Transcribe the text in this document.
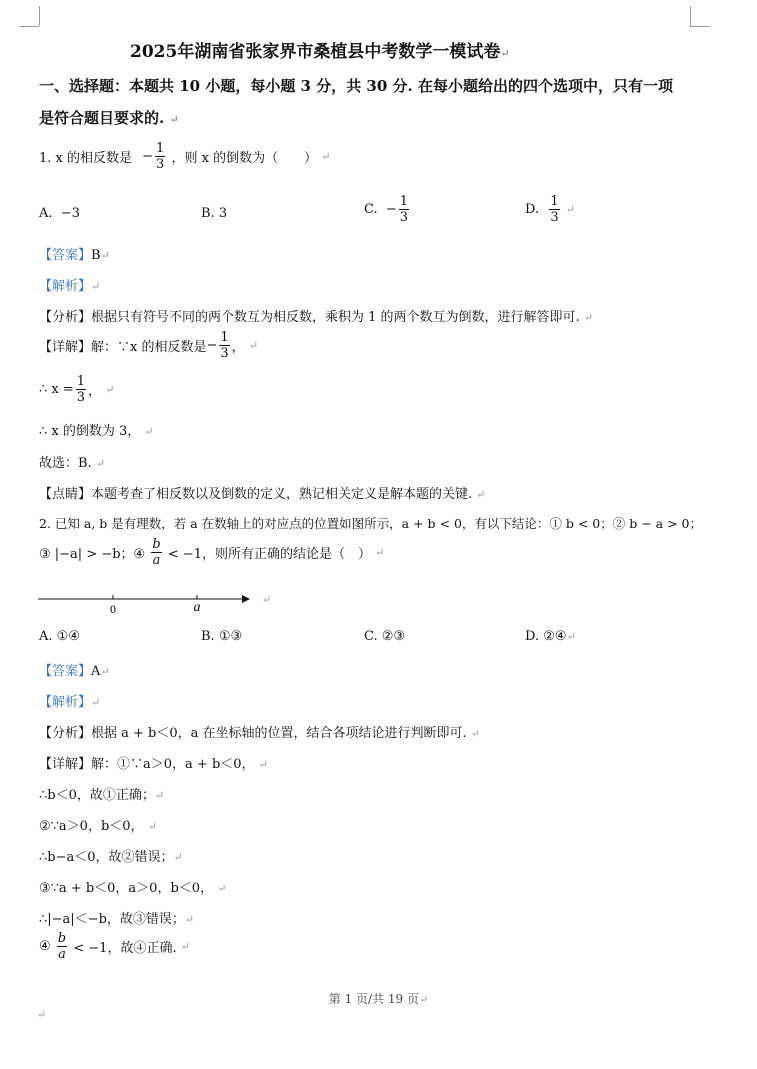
2025年湖南省张家界市桑植县中考数学一模试卷↵
一、选择题：本题共 10 小题，每小题 3 分，共 30 分. 在每小题给出的四个选项中，只有一项
是符合题目要求的. ↵
1. x 的相反数是 − $\frac{1}{3}$ ，则 x 的倒数为（　　） ↵
A. −3	B. 3	C. − $\frac{1}{3}$	D. $\frac{1}{3}$ ↵
【答案】B↵
【解析】↵
【分析】根据只有符号不同的两个数互为相反数，乘积为 1 的两个数互为倒数，进行解答即可. ↵
【详解】解：∵x 的相反数是− $\frac{1}{3}$ ， ↵
∴ $x = \frac{1}{3}$ ， ↵
∴ x 的倒数为 3， ↵
故选：B. ↵
【点睛】本题考查了相反数以及倒数的定义，熟记相关定义是解本题的关键. ↵
2. 已知 a, b 是有理数，若 a 在数轴上的对应点的位置如图所示，a + b < 0，有以下结论：① b < 0；② b − a > 0；
③ |−a| > −b；④ $\frac{b}{a} < -1$，则所有正确的结论是（　） ↵
0	a
↵
A. ①④	B. ①③	C. ②③	D. ②④↵
【答案】A↵
【解析】↵
【分析】根据 a + b＜0，a 在坐标轴的位置，结合各项结论进行判断即可. ↵
【详解】解：①∵a＞0，a + b＜0， ↵
∴b＜0，故①正确；↵
②∵a＞0，b＜0， ↵
∴b−a＜0，故②错误；↵
③∵a + b＜0，a＞0，b＜0， ↵
∴|−a|＜−b，故③错误；↵
④ $\frac{b}{a} < -1$，故④正确. ↵
第 1 页/共 19 页↵
↵
